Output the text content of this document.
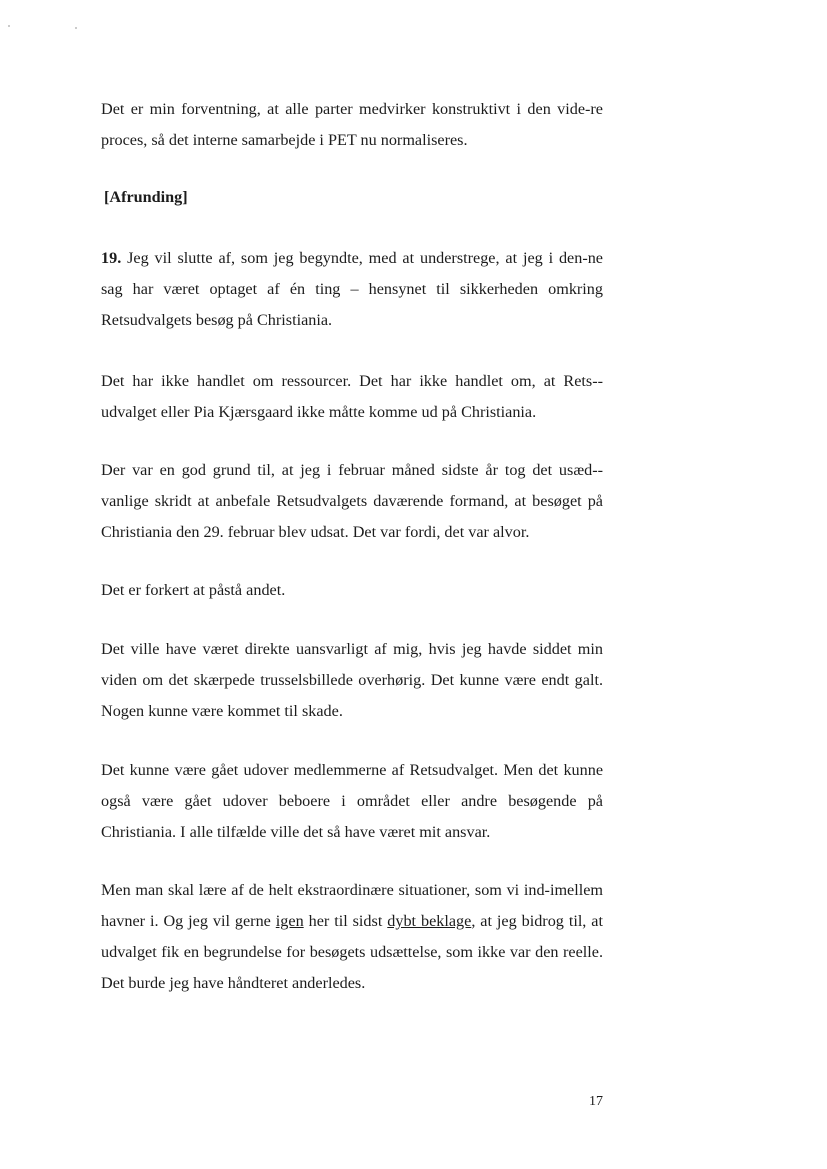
Det er min forventning, at alle parter medvirker konstruktivt i den vide-re proces, så det interne samarbejde i PET nu normaliseres.

[Afrunding]

19. Jeg vil slutte af, som jeg begyndte, med at understrege, at jeg i den-ne sag har været optaget af én ting – hensynet til sikkerheden omkring Retsudvalgets besøg på Christiania.

Det har ikke handlet om ressourcer. Det har ikke handlet om, at Rets-udvalget eller Pia Kjærsgaard ikke måtte komme ud på Christiania.

Der var en god grund til, at jeg i februar måned sidste år tog det usæd-vanlige skridt at anbefale Retsudvalgets daværende formand, at besøget på Christiania den 29. februar blev udsat. Det var fordi, det var alvor.

Det er forkert at påstå andet.

Det ville have været direkte uansvarligt af mig, hvis jeg havde siddet min viden om det skærpede trusselsbillede overhørig. Det kunne være endt galt. Nogen kunne være kommet til skade.

Det kunne være gået udover medlemmerne af Retsudvalget. Men det kunne også være gået udover beboere i området eller andre besøgende på Christiania. I alle tilfælde ville det så have været mit ansvar.

Men man skal lære af de helt ekstraordinære situationer, som vi ind-imellem havner i. Og jeg vil gerne igen her til sidst dybt beklage, at jeg bidrog til, at udvalget fik en begrundelse for besøgets udsættelse, som ikke var den reelle. Det burde jeg have håndteret anderledes.

17
